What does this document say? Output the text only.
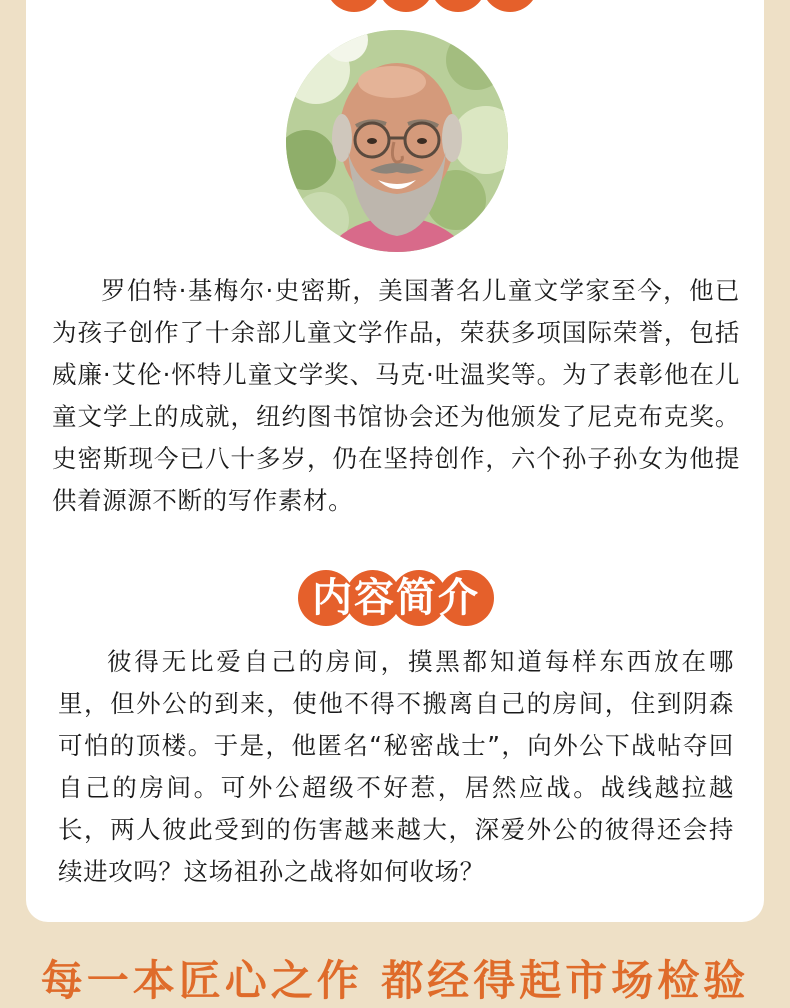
罗伯特·基梅尔·史密斯，美国著名儿童文学家至今，他已为孩子创作了十余部儿童文学作品，荣获多项国际荣誉，包括威廉·艾伦·怀特儿童文学奖、马克·吐温奖等。为了表彰他在儿童文学上的成就，纽约图书馆协会还为他颁发了尼克布克奖。史密斯现今已八十多岁，仍在坚持创作，六个孙子孙女为他提供着源源不断的写作素材。

内容简介

彼得无比爱自己的房间，摸黑都知道每样东西放在哪里，但外公的到来，使他不得不搬离自己的房间，住到阴森可怕的顶楼。于是，他匿名“秘密战士”，向外公下战帖夺回自己的房间。可外公超级不好惹，居然应战。战线越拉越长，两人彼此受到的伤害越来越大，深爱外公的彼得还会持续进攻吗？这场祖孙之战将如何收场？

每一本匠心之作 都经得起市场检验
